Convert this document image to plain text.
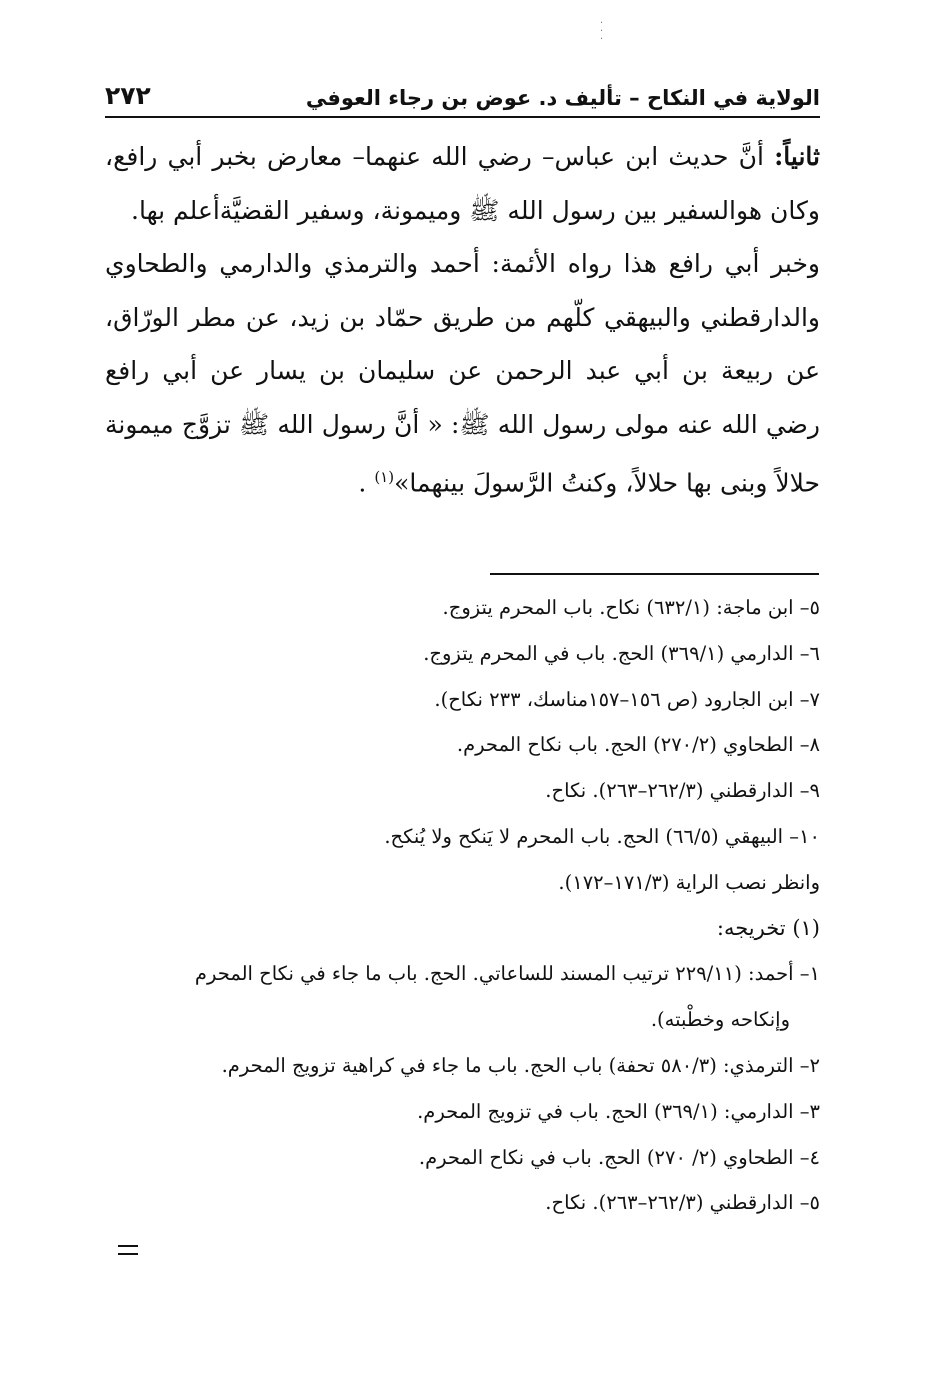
·
·
·
الولاية في النكاح – تأليف د. عوض بن رجاء العوفي
٢٧٢

ثانياً: أنَّ حديث ابن عباس– رضي الله عنهما– معارض بخبر أبي رافع، وكان هوالسفير بين رسول الله ﷺ وميمونة، وسفير القضيَّةأعلم بها.

وخبر أبي رافع هذا رواه الأئمة: أحمد والترمذي والدارمي والطحاوي والدارقطني والبيهقي كلّهم من طريق حمّاد بن زيد، عن مطر الورّاق، عن ربيعة بن أبي عبد الرحمن عن سليمان بن يسار عن أبي رافع رضي الله عنه مولى رسول الله ﷺ: « أنَّ رسول الله ﷺ تزوَّج ميمونة حلالاً وبنى بها حلالاً، وكنتُ الرَّسولَ بينهما»$^{(١)}$ .

٥– ابن ماجة: (٦٣٢/١) نكاح. باب المحرم يتزوج.
٦– الدارمي (٣٦٩/١) الحج. باب في المحرم يتزوج.
٧– ابن الجارود (ص ١٥٦–١٥٧مناسك، ٢٣٣ نكاح).
٨– الطحاوي (٢٧٠/٢) الحج. باب نكاح المحرم.
٩– الدارقطني (٢٦٢/٣–٢٦٣). نكاح.
١٠– البيهقي (٦٦/٥) الحج. باب المحرم لا يَنكح ولا يُنكح.
وانظر نصب الراية (١٧١/٣–١٧٢).
(١) تخريجه:
١– أحمد: (٢٢٩/١١ ترتيب المسند للساعاتي. الحج. باب ما جاء في نكاح المحرم
وإنكاحه وخطْبته).
٢– الترمذي: (٥٨٠/٣ تحفة) باب الحج. باب ما جاء في كراهية تزويج المحرم.
٣– الدارمي: (٣٦٩/١) الحج. باب في تزويج المحرم.
٤– الطحاوي (٢/ ٢٧٠) الحج. باب في نكاح المحرم.
٥– الدارقطني (٢٦٢/٣–٢٦٣). نكاح.
